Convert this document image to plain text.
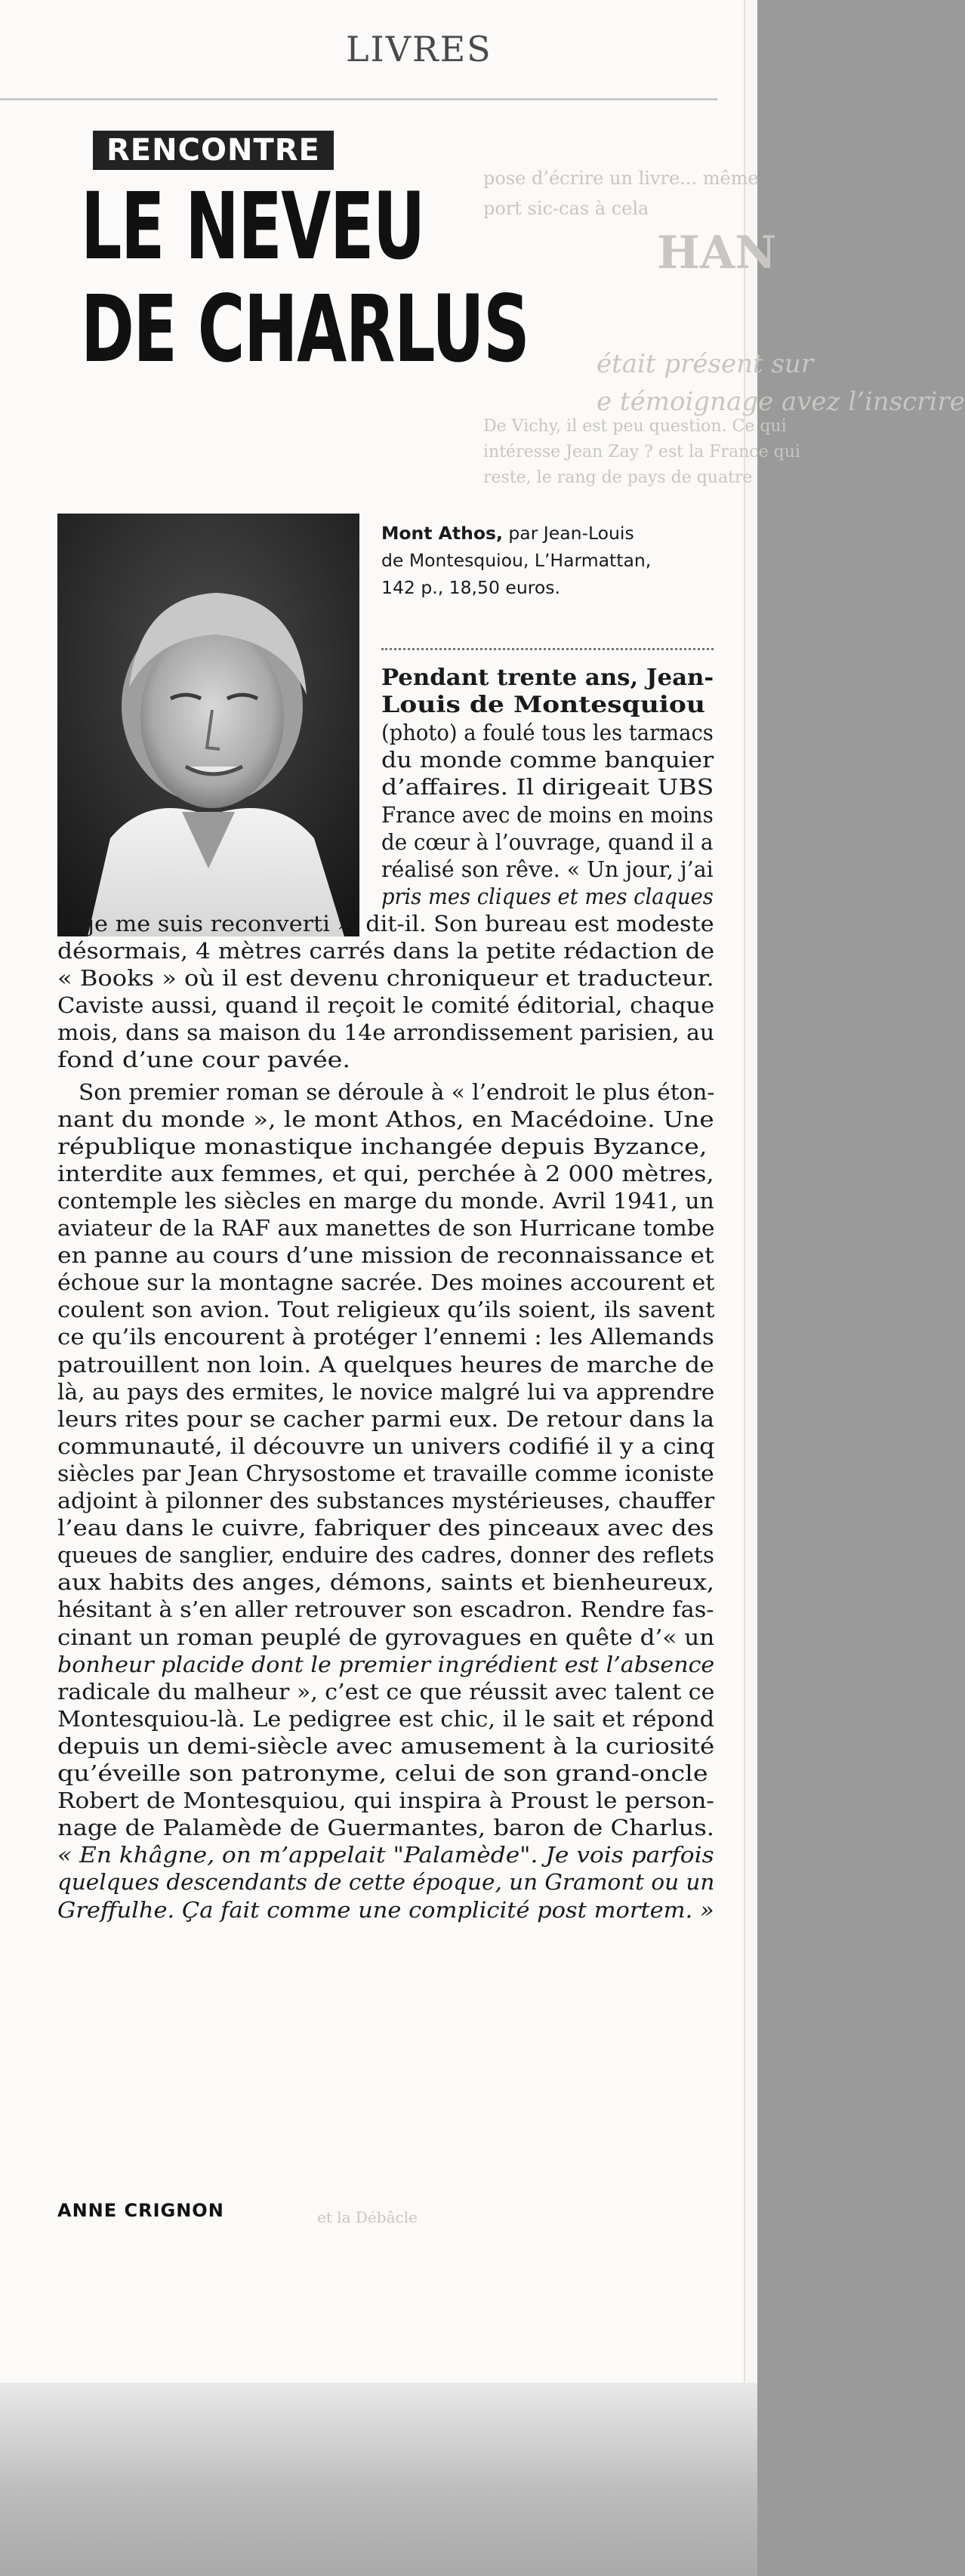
pose d’écrire un livre... même
port sic-cas à cela
HAN
était présent sur
e témoignage avez l’inscrire
De Vichy, il est peu question. Ce qui
intéresse Jean Zay ? est la France qui
reste, le rang de pays de quatre
et la Débâcle
LIVRES
RENCONTRE
LE NEVEU
DE CHARLUS
Mont Athos, par Jean-Louis
de Montesquiou, L’Harmattan,
142 p., 18,50 euros.
Pendant trente ans, Jean-
Louis de Montesquiou
(photo) a foulé tous les tarmacs
du monde comme banquier
d’affaires. Il dirigeait UBS
France avec de moins en moins
de cœur à l’ouvrage, quand il a
réalisé son rêve. « Un jour, j’ai
pris mes cliques et mes claques
et je me suis reconverti », dit-il. Son bureau est modeste
désormais, 4 mètres carrés dans la petite rédaction de
« Books » où il est devenu chroniqueur et traducteur.
Caviste aussi, quand il reçoit le comité éditorial, chaque
mois, dans sa maison du 14e arrondissement parisien, au
fond d’une cour pavée.
Son premier roman se déroule à « l’endroit le plus éton-
nant du monde », le mont Athos, en Macédoine. Une
république monastique inchangée depuis Byzance,
interdite aux femmes, et qui, perchée à 2 000 mètres,
contemple les siècles en marge du monde. Avril 1941, un
aviateur de la RAF aux manettes de son Hurricane tombe
en panne au cours d’une mission de reconnaissance et
échoue sur la montagne sacrée. Des moines accourent et
coulent son avion. Tout religieux qu’ils soient, ils savent
ce qu’ils encourent à protéger l’ennemi : les Allemands
patrouillent non loin. A quelques heures de marche de
là, au pays des ermites, le novice malgré lui va apprendre
leurs rites pour se cacher parmi eux. De retour dans la
communauté, il découvre un univers codifié il y a cinq
siècles par Jean Chrysostome et travaille comme iconiste
adjoint à pilonner des substances mystérieuses, chauffer
l’eau dans le cuivre, fabriquer des pinceaux avec des
queues de sanglier, enduire des cadres, donner des reflets
aux habits des anges, démons, saints et bienheureux,
hésitant à s’en aller retrouver son escadron. Rendre fas-
cinant un roman peuplé de gyrovagues en quête d’« un
bonheur placide dont le premier ingrédient est l’absence
radicale du malheur », c’est ce que réussit avec talent ce
Montesquiou-là. Le pedigree est chic, il le sait et répond
depuis un demi-siècle avec amusement à la curiosité
qu’éveille son patronyme, celui de son grand-oncle
Robert de Montesquiou, qui inspira à Proust le person-
nage de Palamède de Guermantes, baron de Charlus.
« En khâgne, on m’appelait "Palamède". Je vois parfois
quelques descendants de cette époque, un Gramont ou un
Greffulhe. Ça fait comme une complicité post mortem. »
ANNE CRIGNON
